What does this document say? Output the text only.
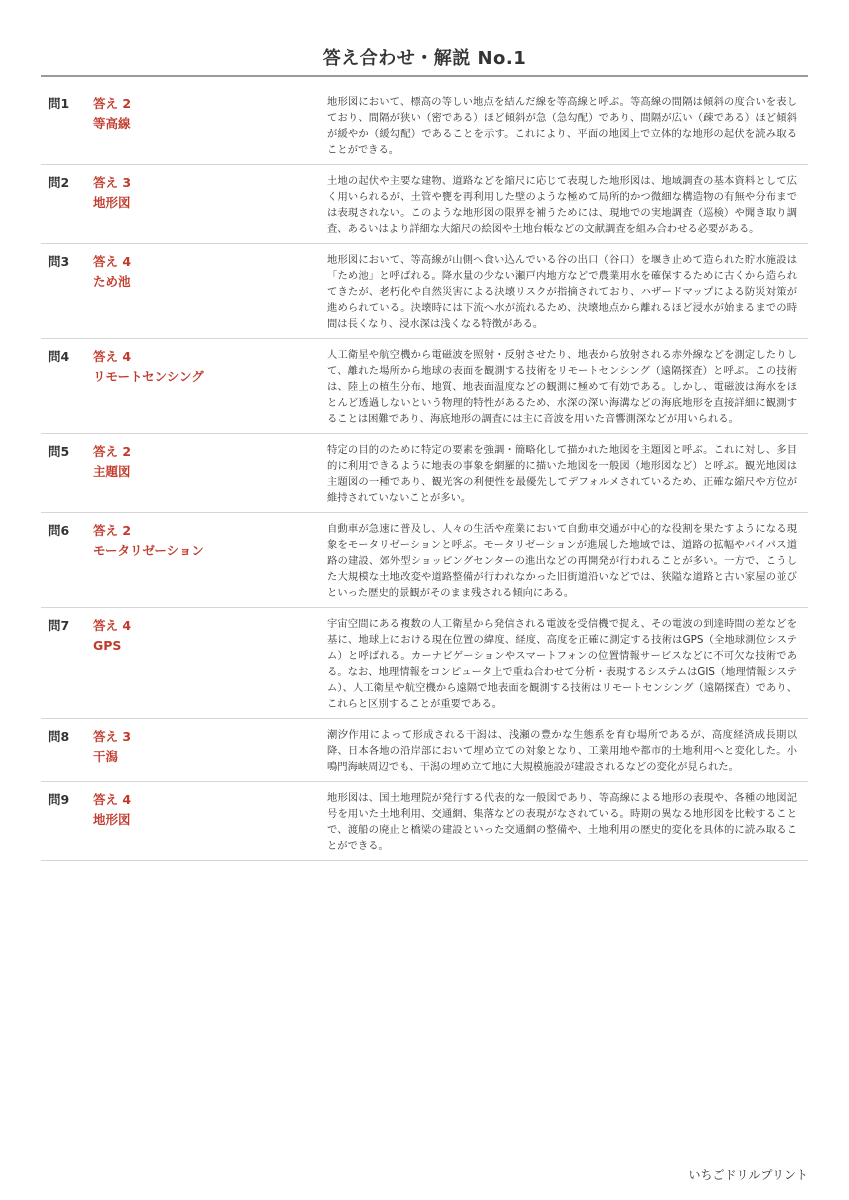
答え合わせ・解説 No.1
問1	答え 2
等高線
地形図において、標高の等しい地点を結んだ線を等高線と呼ぶ。等高線の間隔は傾斜の度合いを表しており、間隔が狭い（密である）ほど傾斜が急（急勾配）であり、間隔が広い（疎である）ほど傾斜が緩やか（緩勾配）であることを示す。これにより、平面の地図上で立体的な地形の起伏を読み取ることができる。
問2	答え 3
地形図
土地の起伏や主要な建物、道路などを縮尺に応じて表現した地形図は、地域調査の基本資料として広く用いられるが、土管や甕を再利用した壁のような極めて局所的かつ微細な構造物の有無や分布までは表現されない。このような地形図の限界を補うためには、現地での実地調査（巡検）や聞き取り調査、あるいはより詳細な大縮尺の絵図や土地台帳などの文献調査を組み合わせる必要がある。
問3	答え 4
ため池
地形図において、等高線が山側へ食い込んでいる谷の出口（谷口）を堰き止めて造られた貯水施設は「ため池」と呼ばれる。降水量の少ない瀬戸内地方などで農業用水を確保するために古くから造られてきたが、老朽化や自然災害による決壊リスクが指摘されており、ハザードマップによる防災対策が進められている。決壊時には下流へ水が流れるため、決壊地点から離れるほど浸水が始まるまでの時間は長くなり、浸水深は浅くなる特徴がある。
問4	答え 4
リモートセンシング
人工衛星や航空機から電磁波を照射・反射させたり、地表から放射される赤外線などを測定したりして、離れた場所から地球の表面を観測する技術をリモートセンシング（遠隔探査）と呼ぶ。この技術は、陸上の植生分布、地質、地表面温度などの観測に極めて有効である。しかし、電磁波は海水をほとんど透過しないという物理的特性があるため、水深の深い海溝などの海底地形を直接詳細に観測することは困難であり、海底地形の調査には主に音波を用いた音響測深などが用いられる。
問5	答え 2
主題図
特定の目的のために特定の要素を強調・簡略化して描かれた地図を主題図と呼ぶ。これに対し、多目的に利用できるように地表の事象を網羅的に描いた地図を一般図（地形図など）と呼ぶ。観光地図は主題図の一種であり、観光客の利便性を最優先してデフォルメされているため、正確な縮尺や方位が維持されていないことが多い。
問6	答え 2
モータリゼーション
自動車が急速に普及し、人々の生活や産業において自動車交通が中心的な役割を果たすようになる現象をモータリゼーションと呼ぶ。モータリゼーションが進展した地域では、道路の拡幅やバイパス道路の建設、郊外型ショッピングセンターの進出などの再開発が行われることが多い。一方で、こうした大規模な土地改変や道路整備が行われなかった旧街道沿いなどでは、狭隘な道路と古い家屋の並びといった歴史的景観がそのまま残される傾向にある。
問7	答え 4
GPS
宇宙空間にある複数の人工衛星から発信される電波を受信機で捉え、その電波の到達時間の差などを基に、地球上における現在位置の緯度、経度、高度を正確に測定する技術はGPS（全地球測位システム）と呼ばれる。カーナビゲーションやスマートフォンの位置情報サービスなどに不可欠な技術である。なお、地理情報をコンピュータ上で重ね合わせて分析・表現するシステムはGIS（地理情報システム）、人工衛星や航空機から遠隔で地表面を観測する技術はリモートセンシング（遠隔探査）であり、これらと区別することが重要である。
問8	答え 3
干潟
潮汐作用によって形成される干潟は、浅瀬の豊かな生態系を育む場所であるが、高度経済成長期以降、日本各地の沿岸部において埋め立ての対象となり、工業用地や都市的土地利用へと変化した。小鳴門海峡周辺でも、干潟の埋め立て地に大規模施設が建設されるなどの変化が見られた。
問9	答え 4
地形図
地形図は、国土地理院が発行する代表的な一般図であり、等高線による地形の表現や、各種の地図記号を用いた土地利用、交通網、集落などの表現がなされている。時期の異なる地形図を比較することで、渡船の廃止と橋梁の建設といった交通網の整備や、土地利用の歴史的変化を具体的に読み取ることができる。
いちごドリルプリント
